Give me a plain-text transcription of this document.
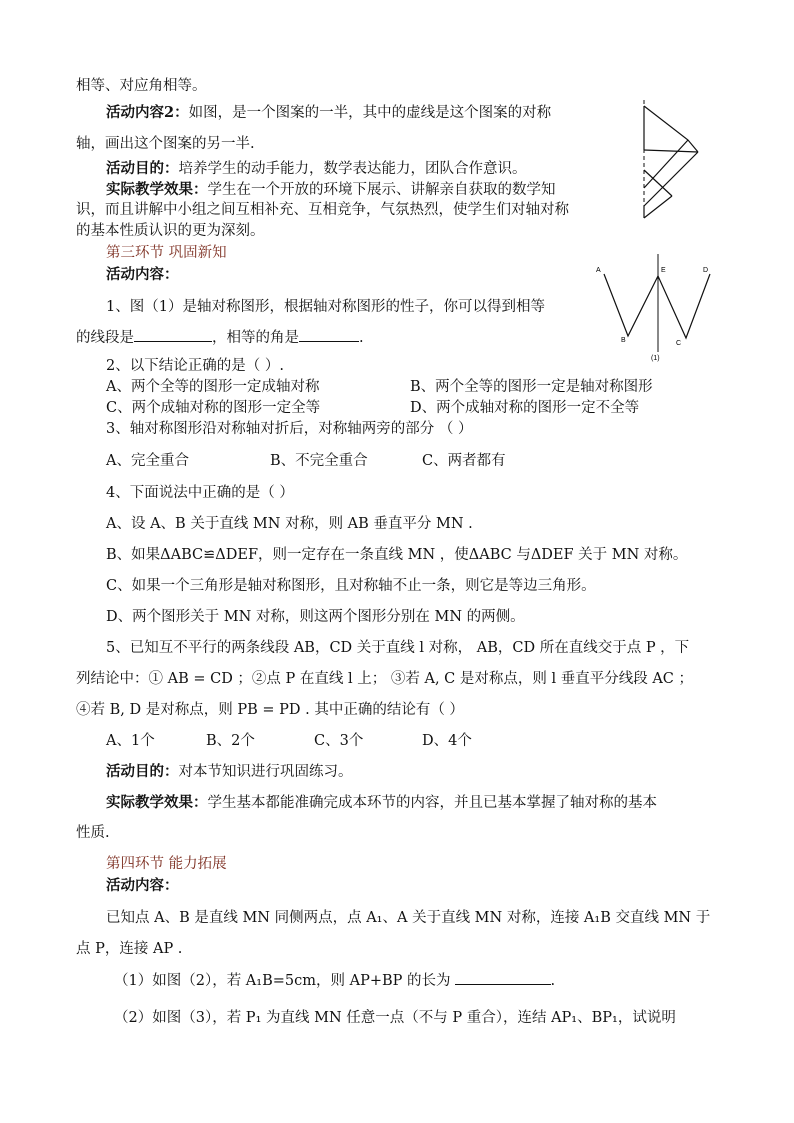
相等、对应角相等。
活动内容2：如图，是一个图案的一半，其中的虚线是这个图案的对称
轴，画出这个图案的另一半.
活动目的：培养学生的动手能力，数学表达能力，团队合作意识。
实际教学效果：学生在一个开放的环境下展示、讲解亲自获取的数学知
识，而且讲解中小组之间互相补充、互相竞争，气氛热烈，使学生们对轴对称
的基本性质认识的更为深刻。
第三环节 巩固新知
活动内容：
1、图（1）是轴对称图形，根据轴对称图形的性子，你可以得到相等
的线段是	，相等的角是	.
A
B	C
D
E
(1)
2、以下结论正确的是（ ）.
A、两个全等的图形一定成轴对称	B、两个全等的图形一定是轴对称图形
C、两个成轴对称的图形一定全等	D、两个成轴对称的图形一定不全等
3、轴对称图形沿对称轴对折后，对称轴两旁的部分 （ ）
A、完全重合	B、不完全重合	C、两者都有
4、下面说法中正确的是（ ）
A、设 A、B 关于直线 MN 对称，则 AB 垂直平分 MN .
B、如果ΔABC≌ΔDEF，则一定存在一条直线 MN ，使ΔABC 与ΔDEF 关于 MN 对称。
C、如果一个三角形是轴对称图形，且对称轴不止一条，则它是等边三角形。
D、两个图形关于 MN 对称，则这两个图形分别在 MN 的两侧。
5、已知互不平行的两条线段 AB，CD 关于直线 l 对称， AB，CD 所在直线交于点 P ，下
列结论中：① AB = CD ；②点 P 在直线 l 上； ③若 A, C 是对称点，则 l 垂直平分线段 AC ；
④若 B, D 是对称点，则 PB = PD . 其中正确的结论有（ ）
A、1个	B、2个	C、3个	D、4个
活动目的：对本节知识进行巩固练习。
实际教学效果：学生基本都能准确完成本环节的内容，并且已基本掌握了轴对称的基本
性质.
第四环节 能力拓展
活动内容：
已知点 A、B 是直线 MN 同侧两点，点 A₁、A 关于直线 MN 对称，连接 A₁B 交直线 MN 于
点 P，连接 AP .
（1）如图（2），若 A₁B=5cm，则 AP+BP 的长为	.
（2）如图（3），若 P₁ 为直线 MN 任意一点（不与 P 重合），连结 AP₁、BP₁，试说明
